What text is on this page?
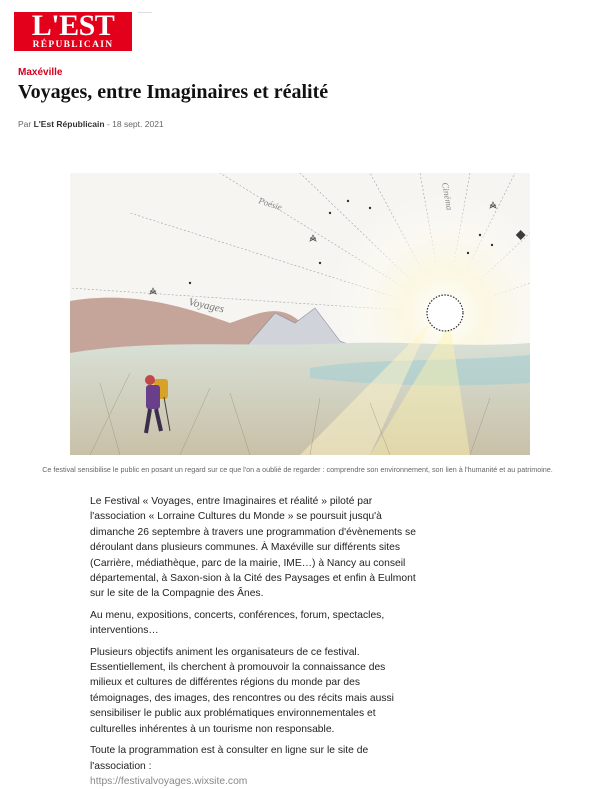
L'EST
RÉPUBLICAIN
Maxéville
Voyages, entre Imaginaires et réalité
Par L'Est Républicain - 18 sept. 2021
Voyages
Poésie	Cinéma
Ce festival sensibilise le public en posant un regard sur ce que l'on a oublié de regarder : comprendre son environnement, son lien à l'humanité et au patrimoine.

Le Festival « Voyages, entre Imaginaires et réalité » piloté par l'association « Lorraine Cultures du Monde » se poursuit jusqu'à dimanche 26 septembre à travers une programmation d'évènements se déroulant dans plusieurs communes. À Maxéville sur différents sites (Carrière, médiathèque, parc de la mairie, IME…) à Nancy au conseil départemental, à Saxon-sion à la Cité des Paysages et enfin à Eulmont sur le site de la Compagnie des Ânes.

Au menu, expositions, concerts, conférences, forum, spectacles, interventions…

Plusieurs objectifs animent les organisateurs de ce festival. Essentiellement, ils cherchent à promouvoir la connaissance des milieux et cultures de différentes régions du monde par des témoignages, des images, des rencontres ou des récits mais aussi sensibiliser le public aux problématiques environnementales et culturelles inhérentes à un tourisme non responsable.

Toute la programmation est à consulter en ligne sur le site de l'association :

https://festivalvoyages.wixsite.com
